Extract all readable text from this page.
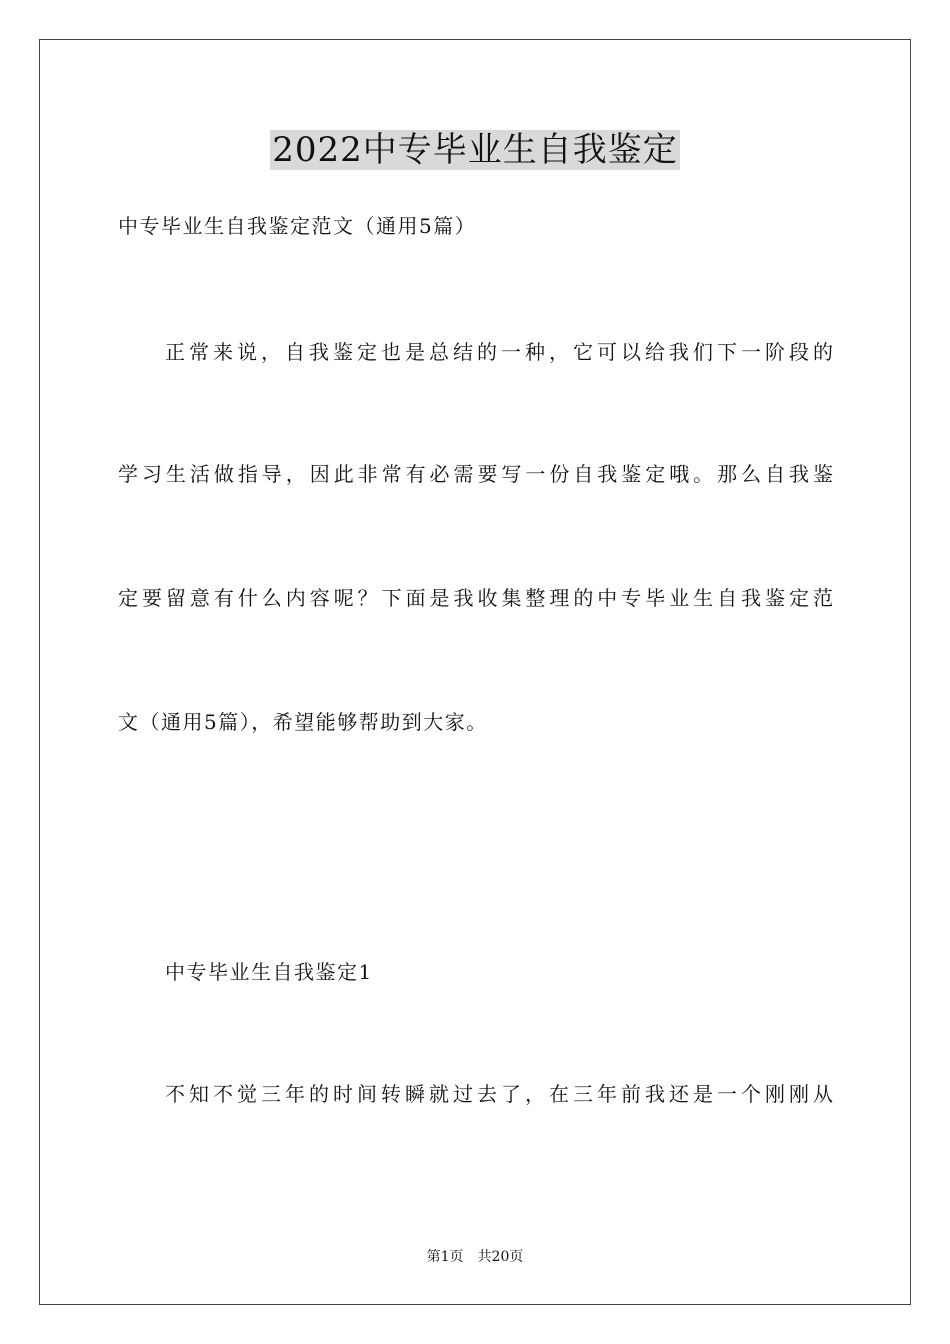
2022中专毕业生自我鉴定
中专毕业生自我鉴定范文（通用5篇）
正常来说，自我鉴定也是总结的一种，它可以给我们下一阶段的
学习生活做指导，因此非常有必需要写一份自我鉴定哦。那么自我鉴
定要留意有什么内容呢？下面是我收集整理的中专毕业生自我鉴定范
文（通用5篇），希望能够帮助到大家。
中专毕业生自我鉴定1
不知不觉三年的时间转瞬就过去了，在三年前我还是一个刚刚从
第1页　共20页
